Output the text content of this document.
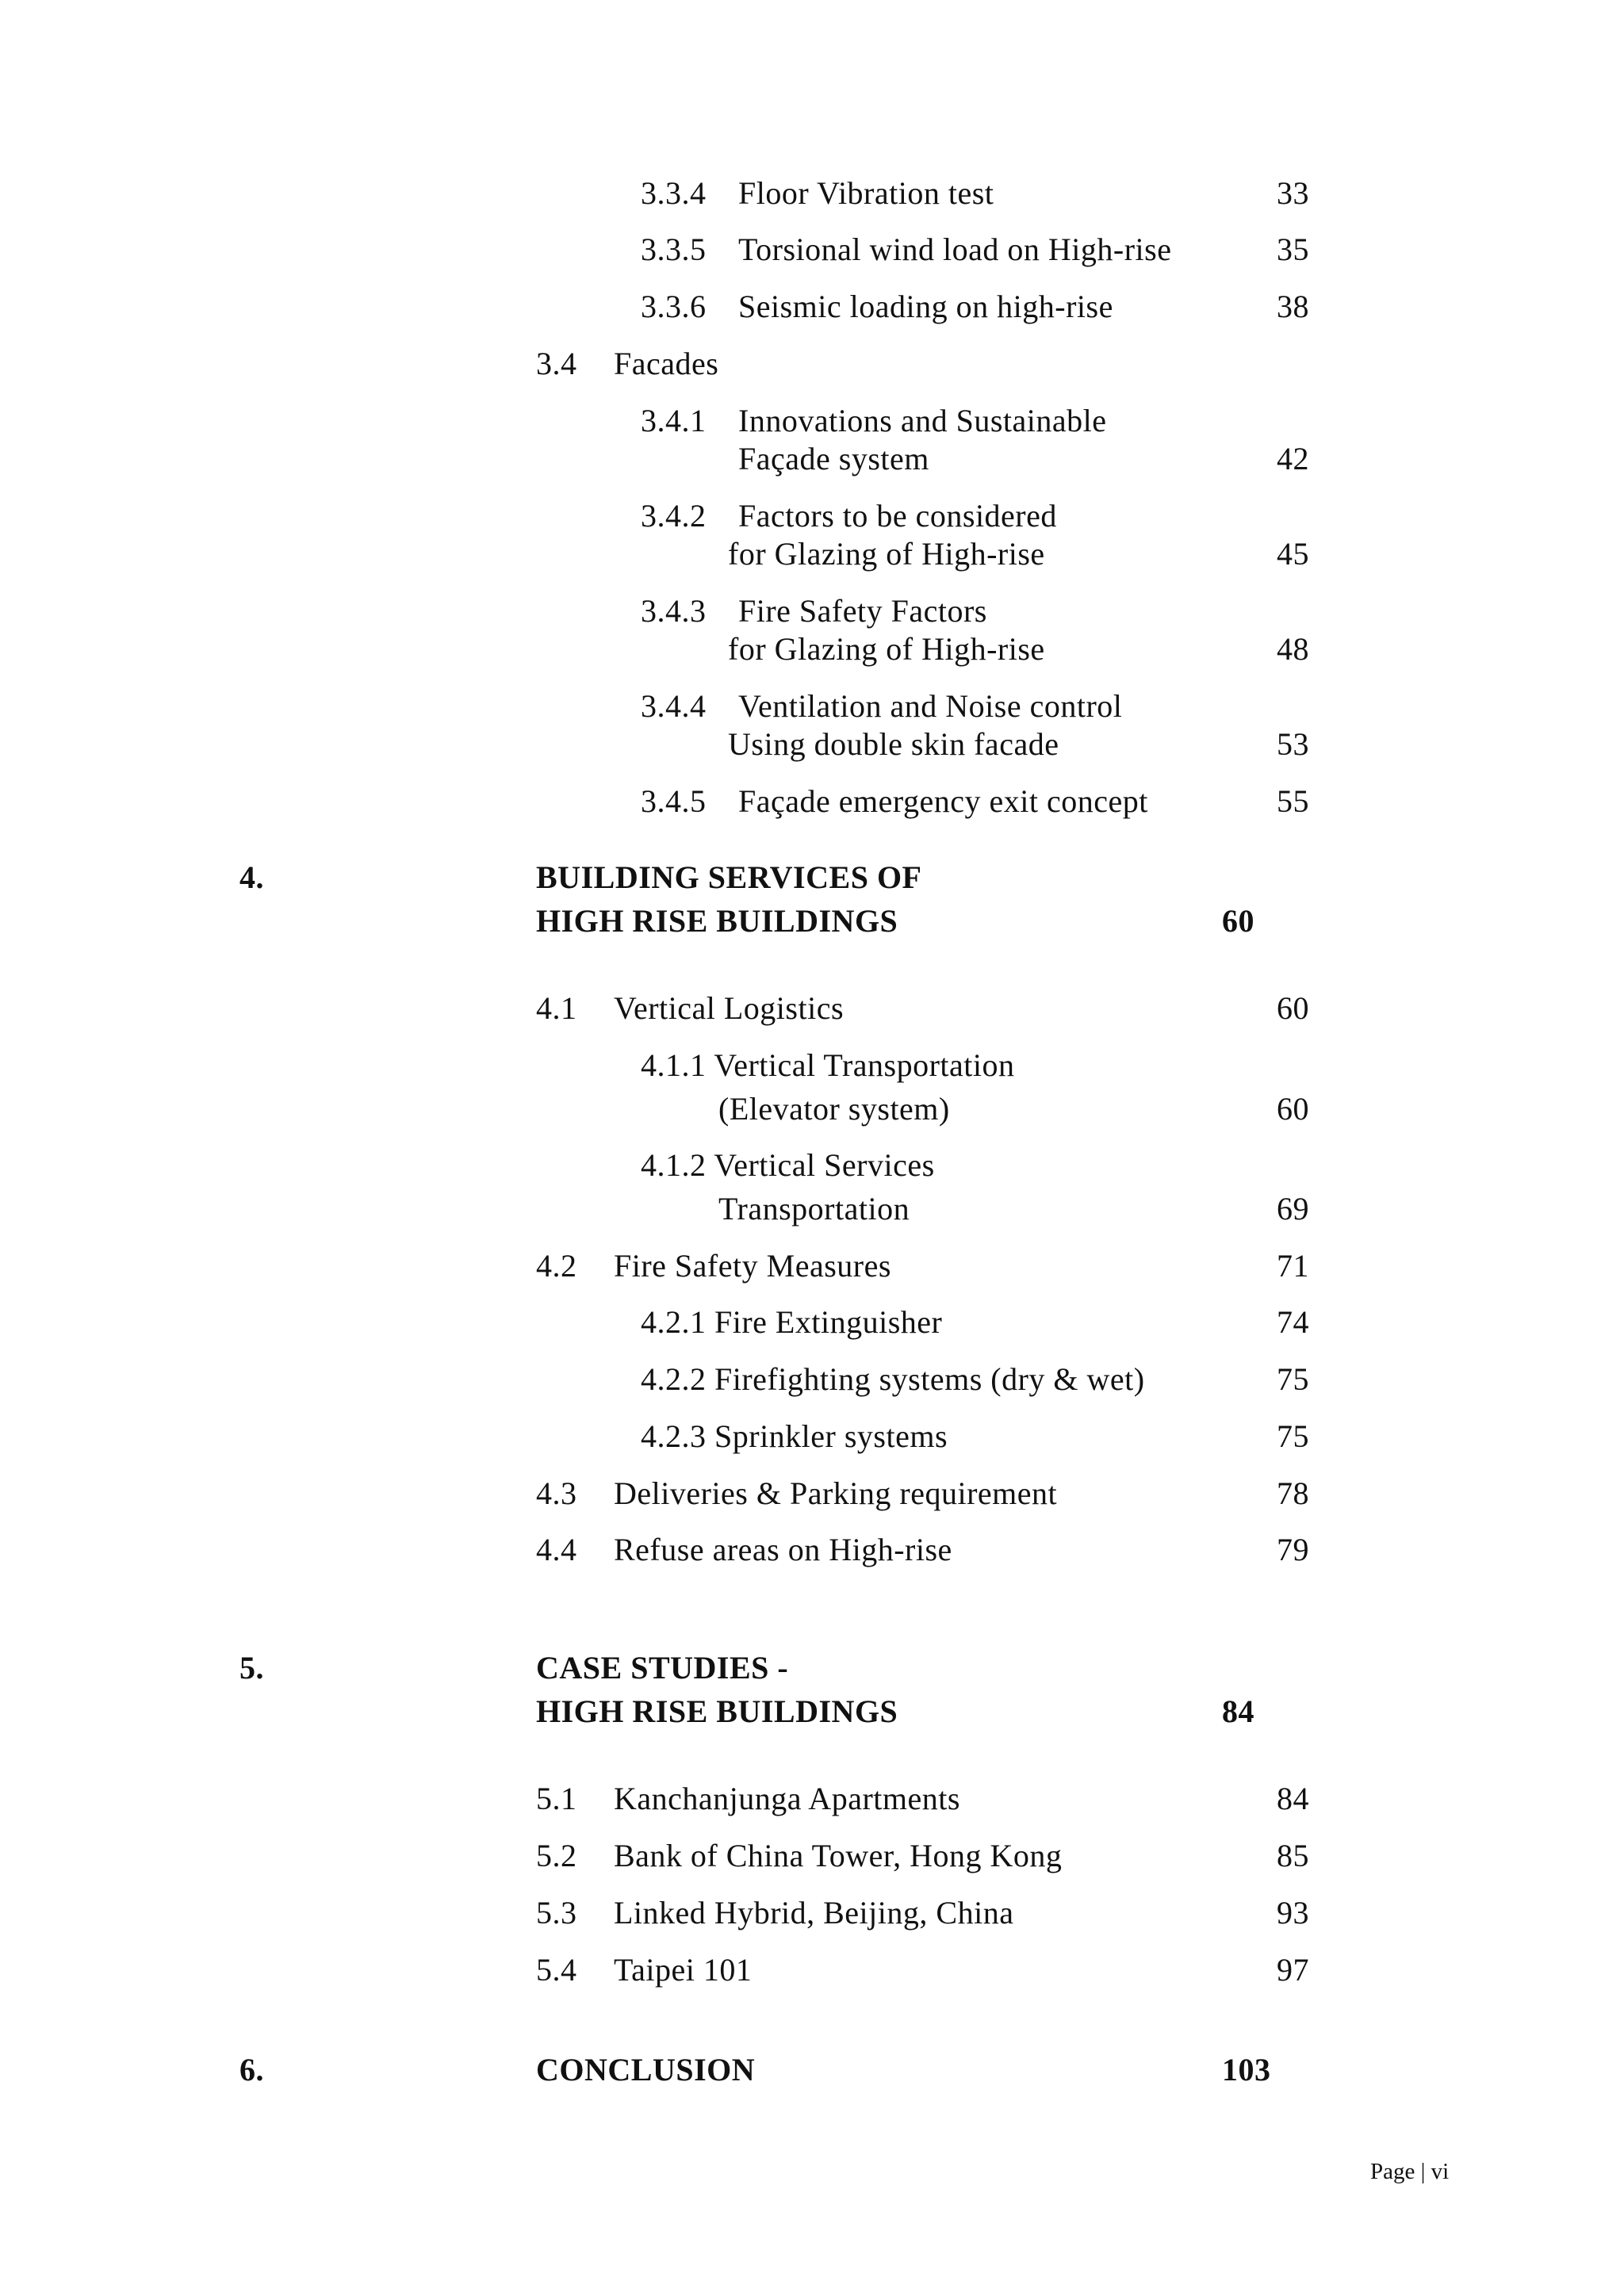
3.3.4 Floor Vibration test	33
3.3.5 Torsional wind load on High-rise	35
3.3.6 Seismic loading on high-rise	38
3.4 Facades
3.4.1 Innovations and Sustainable
Façade system	42
3.4.2 Factors to be considered
for Glazing of High-rise	45
3.4.3 Fire Safety Factors
for Glazing of High-rise	48
3.4.4 Ventilation and Noise control
Using double skin facade	53
3.4.5 Façade emergency exit concept	55
4.	BUILDING SERVICES OF
HIGH RISE BUILDINGS	60
4.1 Vertical Logistics	60
4.1.1 Vertical Transportation
(Elevator system)	60
4.1.2 Vertical Services
Transportation	69
4.2 Fire Safety Measures	71
4.2.1 Fire Extinguisher	74
4.2.2 Firefighting systems (dry & wet)	75
4.2.3 Sprinkler systems	75
4.3 Deliveries & Parking requirement	78
4.4 Refuse areas on High-rise	79
5.	CASE STUDIES -
HIGH RISE BUILDINGS	84
5.1 Kanchanjunga Apartments	84
5.2 Bank of China Tower, Hong Kong	85
5.3 Linked Hybrid, Beijing, China	93
5.4 Taipei 101	97
6.	CONCLUSION	103
Page | vi
